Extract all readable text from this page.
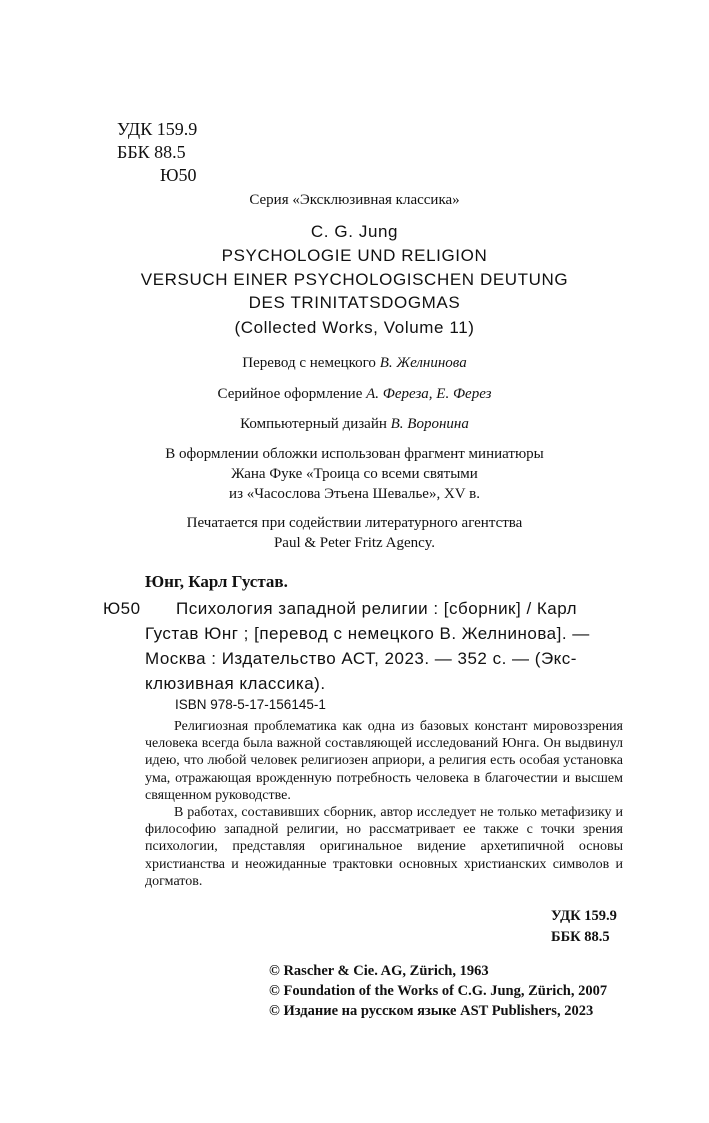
УДК 159.9
ББК 88.5
Ю50
Серия «Эксклюзивная классика»
C. G. Jung
PSYCHOLOGIE UND RELIGION
VERSUCH EINER PSYCHOLOGISCHEN DEUTUNG
DES TRINITATSDOGMAS
(Collected Works, Volume 11)
Перевод с немецкого В. Желнинова
Серийное оформление А. Фереза, Е. Ферез
Компьютерный дизайн В. Воронина
В оформлении обложки использован фрагмент миниатюры
Жана Фуке «Троица со всеми святыми
из «Часослова Этьена Шевалье», XV в.
Печатается при содействии литературного агентства
Paul & Peter Fritz Agency.
Юнг, Карл Густав.
Ю50 Психология западной религии : [сборник] / Карл
Густав Юнг ; [перевод с немецкого В. Желнинова]. —
Москва : Издательство АСТ, 2023. — 352 с. — (Экс-
клюзивная классика).
ISBN 978-5-17-156145-1

Религиозная проблематика как одна из базовых констант мировоззрения человека всегда была важной составляющей исследований Юнга. Он выдвинул идею, что любой человек религиозен априори, а религия есть особая установка ума, отражающая врожденную потребность человека в благочестии и высшем священном руководстве.

В работах, составивших сборник, автор исследует не только метафизику и философию западной религии, но рассматривает ее также с точки зрения психологии, представляя оригинальное видение архетипичной основы христианства и неожиданные трактовки основных христианских символов и догматов.

УДК 159.9
ББК 88.5
© Rascher & Cie. AG, Zürich, 1963
© Foundation of the Works of C.G. Jung, Zürich, 2007
© Издание на русском языке AST Publishers, 2023
